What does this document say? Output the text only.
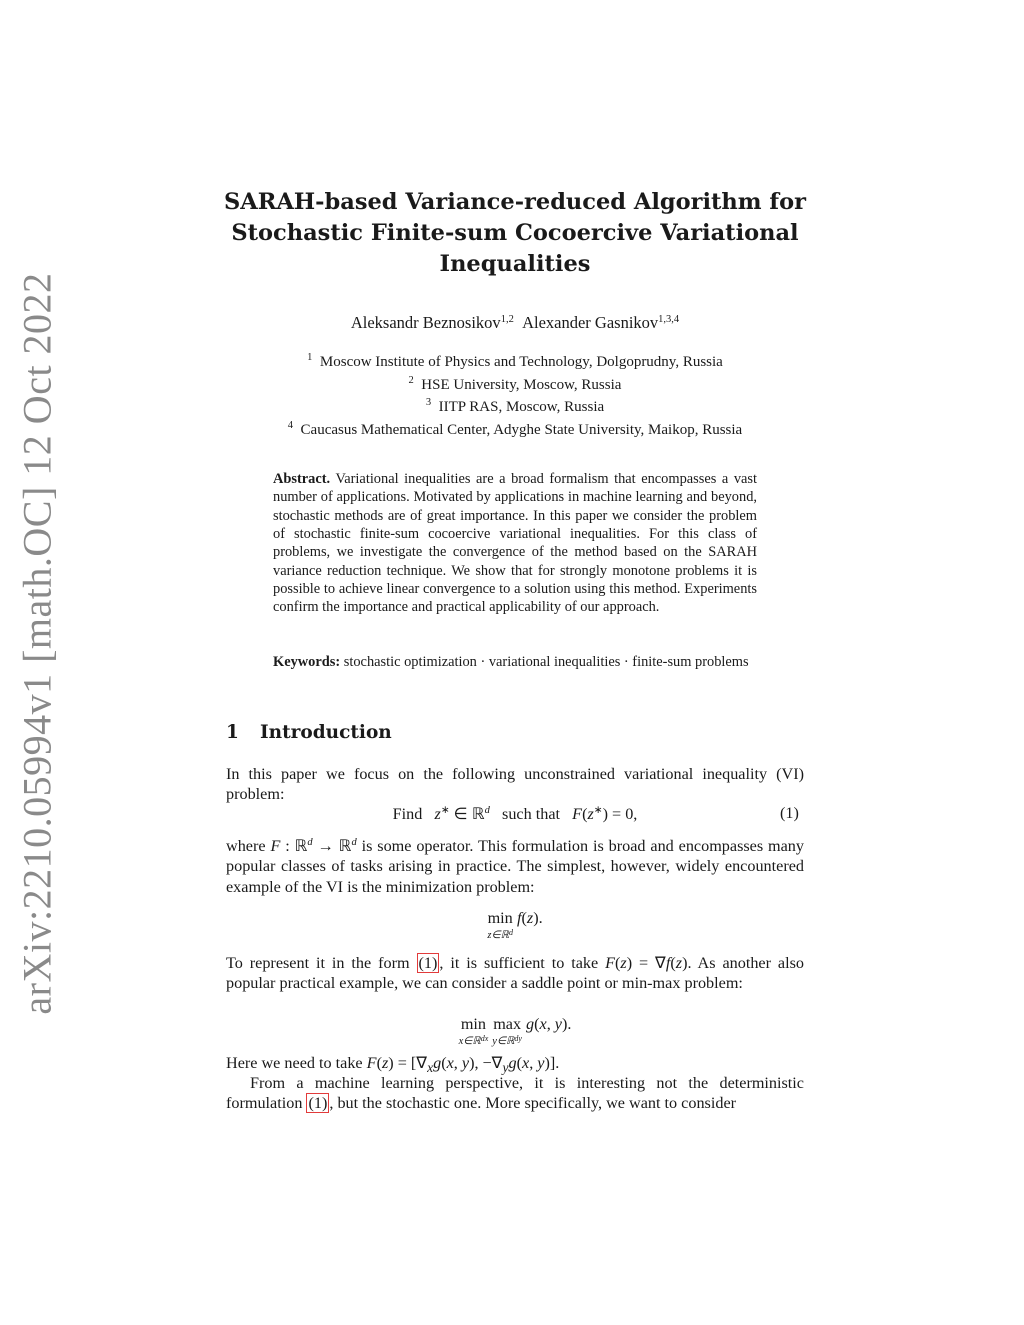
arXiv:2210.05994v1 [math.OC] 12 Oct 2022
SARAH-based Variance-reduced Algorithm for
Stochastic Finite-sum Cocoercive Variational
Inequalities
Aleksandr Beznosikov$^{1,2}$ Alexander Gasnikov$^{1,3,4}$
$^1$ Moscow Institute of Physics and Technology, Dolgoprudny, Russia
$^2$ HSE University, Moscow, Russia
$^3$ IITP RAS, Moscow, Russia
$^4$ Caucasus Mathematical Center, Adyghe State University, Maikop, Russia
Abstract. Variational inequalities are a broad formalism that encompasses a vast number of applications. Motivated by applications in machine learning and beyond, stochastic methods are of great importance. In this paper we consider the problem of stochastic finite-sum cocoercive variational inequalities. For this class of problems, we investigate the convergence of the method based on the SARAH variance reduction technique. We show that for strongly monotone problems it is possible to achieve linear convergence to a solution using this method. Experiments confirm the importance and practical applicability of our approach.
Keywords: stochastic optimization · variational inequalities · finite-sum problems
1 Introduction
In this paper we focus on the following unconstrained variational inequality (VI) problem:
Find z∗ ∈ ℝ$^d$ such that F(z∗) = 0,	(1)
where F : ℝ$^d$ → ℝ$^d$ is some operator. This formulation is broad and encompasses many popular classes of tasks arising in practice. The simplest, however, widely encountered example of the VI is the minimization problem:
min
z∈ℝ$^d$
f(z).
To represent it in the form (1) , it is sufficient to take F(z) = ∇f(z). As another also popular practical example, we can consider a saddle point or min-max problem:
min
x∈ℝ$^{dx}$

max
y∈ℝ$^{dy}$
g(x, y).
Here we need to take $F(z) = [\nabla_xg(x$, y), $-\nabla_yg(x$, y)].
From a machine learning perspective, it is interesting not the deterministic formulation (1) , but the stochastic one. More specifically, we want to consider
